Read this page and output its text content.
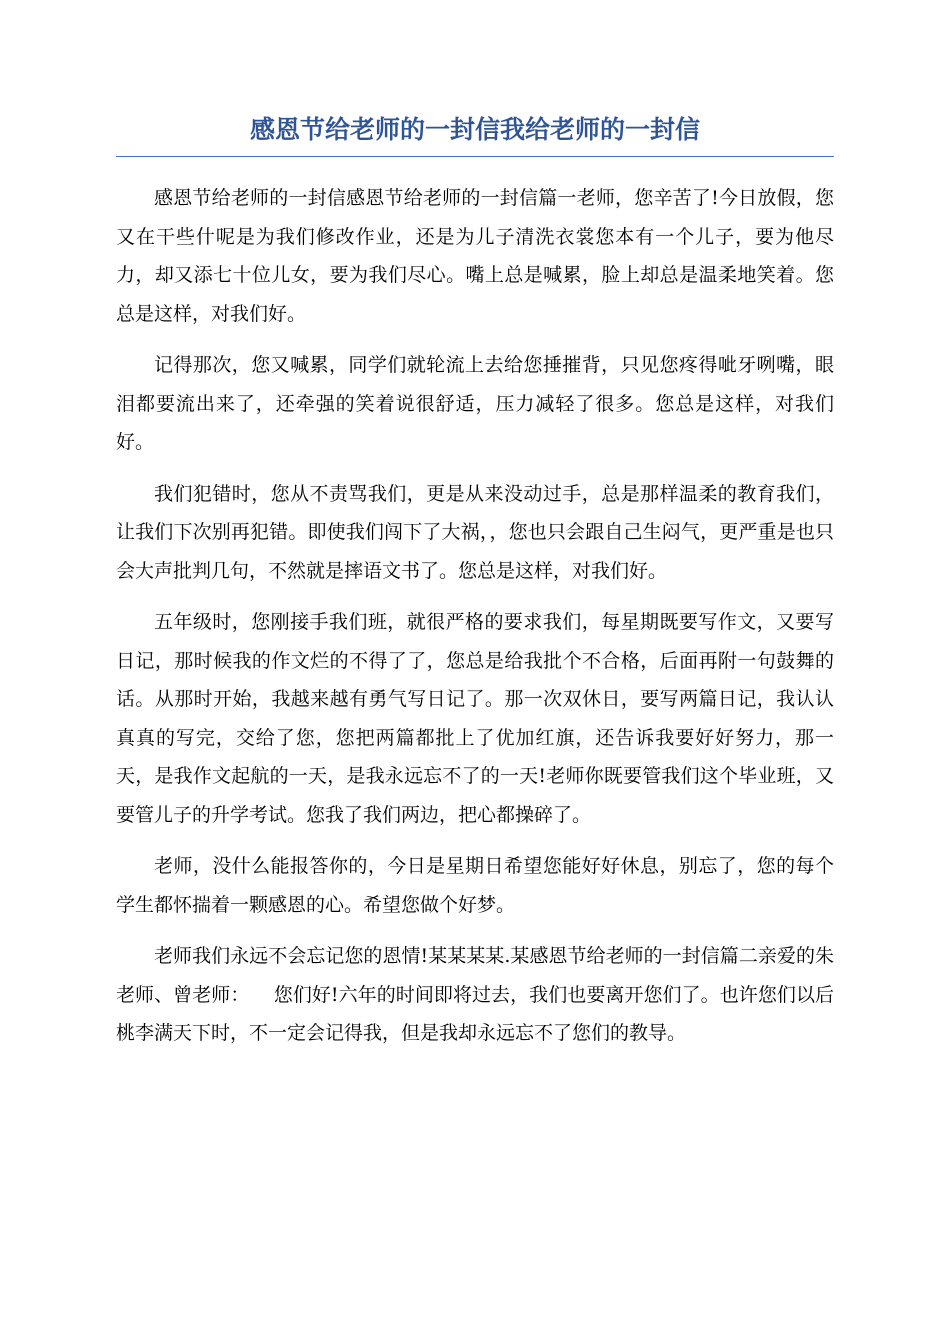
感恩节给老师的一封信我给老师的一封信

感恩节给老师的一封信感恩节给老师的一封信篇一老师，您辛苦了!今日放假，您又在干些什呢是为我们修改作业，还是为儿子清洗衣裳您本有一个儿子，要为他尽力，却又添七十位儿女，要为我们尽心。嘴上总是喊累，脸上却总是温柔地笑着。您总是这样，对我们好。

记得那次，您又喊累，同学们就轮流上去给您捶摧背，只见您疼得呲牙咧嘴，眼泪都要流出来了，还牵强的笑着说很舒适，压力减轻了很多。您总是这样，对我们好。

我们犯错时，您从不责骂我们，更是从来没动过手，总是那样温柔的教育我们，让我们下次别再犯错。即使我们闯下了大祸，，您也只会跟自己生闷气，更严重是也只会大声批判几句，不然就是摔语文书了。您总是这样，对我们好。

五年级时，您刚接手我们班，就很严格的要求我们，每星期既要写作文，又要写日记，那时候我的作文烂的不得了了，您总是给我批个不合格，后面再附一句鼓舞的话。从那时开始，我越来越有勇气写日记了。那一次双休日，要写两篇日记，我认认真真的写完，交给了您，您把两篇都批上了优加红旗，还告诉我要好好努力，那一天，是我作文起航的一天，是我永远忘不了的一天!老师你既要管我们这个毕业班，又要管儿子的升学考试。您我了我们两边，把心都操碎了。

老师，没什么能报答你的，今日是星期日希望您能好好休息，别忘了，您的每个学生都怀揣着一颗感恩的心。希望您做个好梦。

老师我们永远不会忘记您的恩情!某某某某.某感恩节给老师的一封信篇二亲爱的朱老师、曾老师：    您们好!六年的时间即将过去，我们也要离开您们了。也许您们以后桃李满天下时，不一定会记得我，但是我却永远忘不了您们的教导。
